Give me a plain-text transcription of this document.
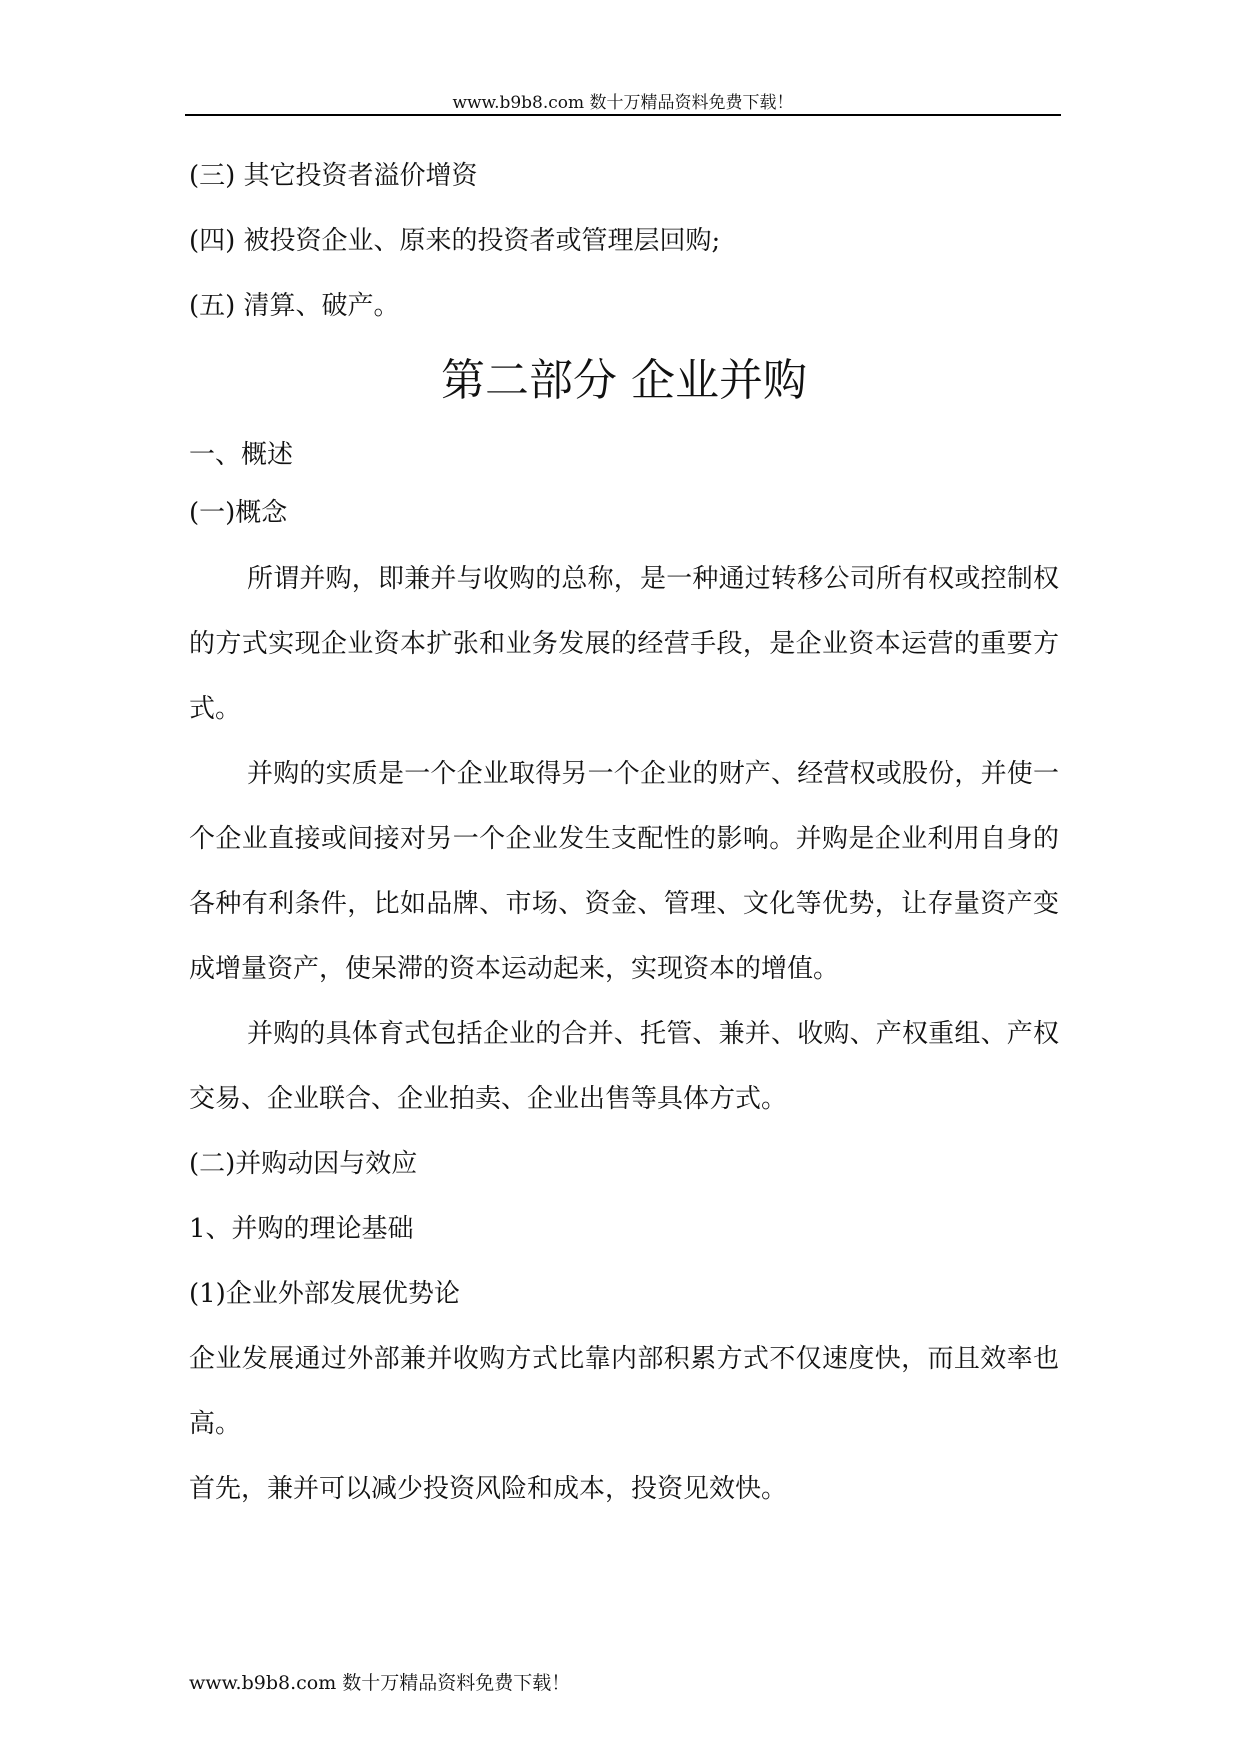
www.b9b8.com 数十万精品资料免费下载！

(三) 其它投资者溢价增资

(四) 被投资企业、原来的投资者或管理层回购;

(五) 清算、破产。

第二部分 企业并购

一、概述

(一)概念

所谓并购，即兼并与收购的总称，是一种通过转移公司所有权或控制权的方式实现企业资本扩张和业务发展的经营手段，是企业资本运营的重要方式。

并购的实质是一个企业取得另一个企业的财产、经营权或股份，并使一个企业直接或间接对另一个企业发生支配性的影响。并购是企业利用自身的各种有利条件，比如品牌、市场、资金、管理、文化等优势，让存量资产变成增量资产，使呆滞的资本运动起来，实现资本的增值。

并购的具体育式包括企业的合并、托管、兼并、收购、产权重组、产权交易、企业联合、企业拍卖、企业出售等具体方式。

(二)并购动因与效应

1、并购的理论基础

(1)企业外部发展优势论

企业发展通过外部兼并收购方式比靠内部积累方式不仅速度快，而且效率也高。

首先，兼并可以减少投资风险和成本，投资见效快。

www.b9b8.com 数十万精品资料免费下载！
